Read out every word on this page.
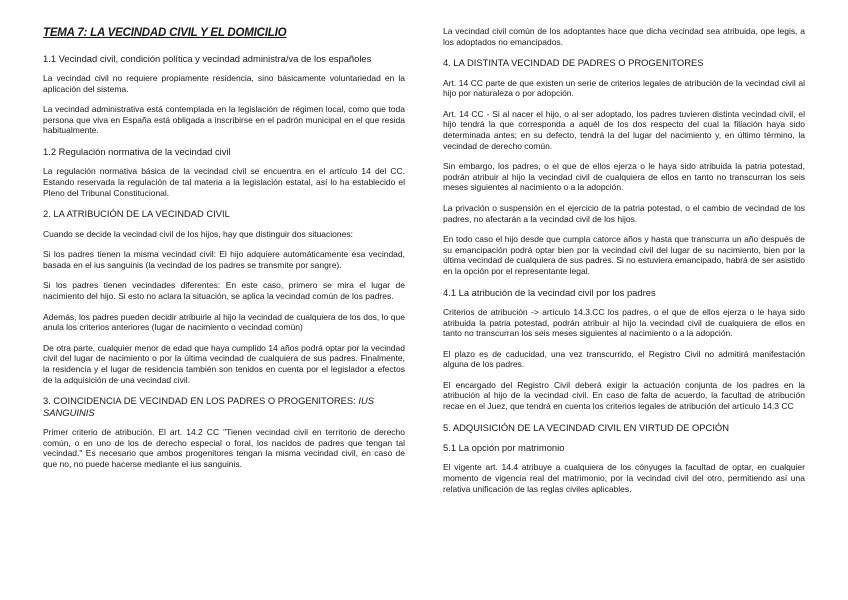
TEMA 7: LA VECINDAD CIVIL Y EL DOMICILIO
1.1 Vecindad civil, condición política y vecindad administra/va de los españoles
La vecindad civil no requiere propiamente residencia, sino básicamente voluntariedad en la aplicación del sistema.
La vecindad administrativa está contemplada en la legislación de régimen local, como que toda persona que viva en España está obligada a inscribirse en el padrón municipal en el que resida habitualmente.
1.2 Regulación normativa de la vecindad civil
La regulación normativa básica de la vecindad civil se encuentra en el artículo 14 del CC. Estando reservada la regulación de tal materia a la legislación estatal, así lo ha establecido el Pleno del Tribunal Constitucional.
2. LA ATRIBUCIÓN DE LA VECINDAD CIVIL
Cuando se decide la vecindad civil de los hijos, hay que distinguir dos situaciones:
Si los padres tienen la misma vecindad civil: El hijo adquiere automáticamente esa vecindad, basada en el ius sanguinis (la vecindad de los padres se transmite por sangre).
Si los padres tienen vecindades diferentes: En este caso, primero se mira el lugar de nacimiento del hijo. Si esto no aclara la situación, se aplica la vecindad común de los padres.
Además, los padres pueden decidir atribuirle al hijo la vecindad de cualquiera de los dos, lo que anula los criterios anteriores (lugar de nacimiento o vecindad común)
De otra parte, cualquier menor de edad que haya cumplido 14 años podrá optar por la vecindad civil del lugar de nacimiento o por la última vecindad de cualquiera de sus padres. Finalmente, la residencia y el lugar de residencia también son tenidos en cuenta por el legislador a efectos de la adquisición de una vecindad civil.
3. COINCIDENCIA DE VECINDAD EN LOS PADRES O PROGENITORES: IUS SANGUINIS
Primer criterio de atribución. El art. 14.2 CC "Tienen vecindad civil en territorio de derecho común, o en uno de los de derecho especial o foral, los nacidos de padres que tengan tal vecindad." Es necesario que ambos progenitores tengan la misma vecindad civil, en caso de que no, no puede hacerse mediante el ius sanguinis.
La vecindad civil común de los adoptantes hace que dicha vecindad sea atribuida, ope legis, a los adoptados no emancipados.
4. LA DISTINTA VECINDAD DE PADRES O PROGENITORES
Art. 14 CC parte de que existen un serie de criterios legales de atribución de la vecindad civil al hijo por naturaleza o por adopción.
Art. 14 CC - Si al nacer el hijo, o al ser adoptado, los padres tuvieren distinta vecindad civil, el hijo tendrá la que corresponda a aquél de los dos respecto del cual la filiación haya sido determinada antes; en su defecto, tendrá la del lugar del nacimiento y, en último término, la vecindad de derecho común.
Sin embargo, los padres, o el que de ellos ejerza o le haya sido atribuida la patria potestad, podrán atribuir al hijo la vecindad civil de cualquiera de ellos en tanto no transcurran los seis meses siguientes al nacimiento o a la adopción.
La privación o suspensión en el ejercicio de la patria potestad, o el cambio de vecindad de los padres, no afectarán a la vecindad civil de los hijos.
En todo caso el hijo desde que cumpla catorce años y hasta que transcurra un año después de su emancipación podrá optar bien por la vecindad civil del lugar de su nacimiento, bien por la última vecindad de cualquiera de sus padres. Si no estuviera emancipado, habrá de ser asistido en la opción por el representante legal.
4.1 La atribución de la vecindad civil por los padres
Criterios de atribución -> artículo 14.3.CC los padres, o el que de ellos ejerza o le haya sido atribuida la patria potestad, podrán atribuir al hijo la vecindad civil de cualquiera de ellos en tanto no transcurran los seis meses siguientes al nacimiento o a la adopción.
El plazo es de caducidad, una vez transcurrido, el Registro Civil no admitirá manifestación alguna de los padres.
El encargado del Registro Civil deberá exigir la actuación conjunta de los padres en la atribución al hijo de la vecindad civil. En caso de falta de acuerdo, la facultad de atribución recae en el Juez, que tendrá en cuenta los criterios legales de atribución del artículo 14.3 CC
5. ADQUISICIÓN DE LA VECINDAD CIVIL EN VIRTUD DE OPCIÓN
5.1 La opción por matrimonio
El vigente art. 14.4 atribuye a cualquiera de los cónyuges la facultad de optar, en cualquier momento de vigencia real del matrimonio, por la vecindad civil del otro, permitiendo así una relativa unificación de las reglas civiles aplicables.
